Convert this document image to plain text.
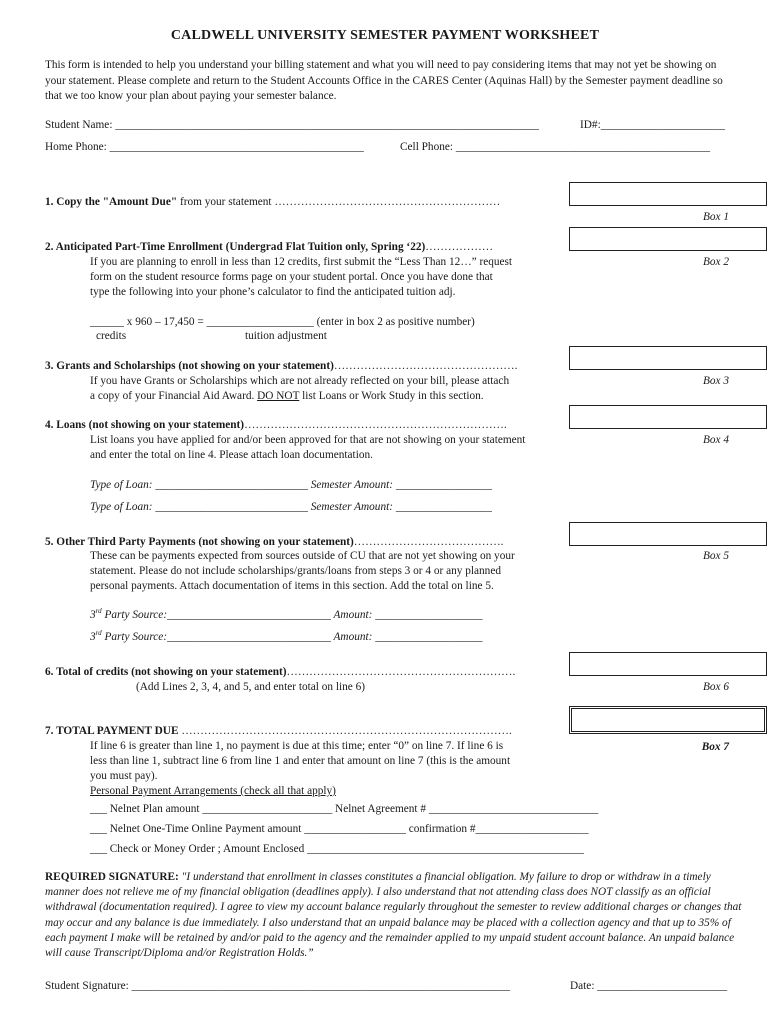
CALDWELL UNIVERSITY SEMESTER PAYMENT WORKSHEET
This form is intended to help you understand your billing statement and what you will need to pay considering items that may not yet be showing on your statement. Please complete and return to the Student Accounts Office in the CARES Center (Aquinas Hall) by the Semester payment deadline so that we too know your plan about paying your semester balance.
Student Name: ___________________________________________________________________________	ID#:______________________
Home Phone: _____________________________________________	Cell Phone: _____________________________________________
1. Copy the "Amount Due" from your statement ……………………………………………………
Box 1
2. Anticipated Part-Time Enrollment (Undergrad Flat Tuition only, Spring ‘22)………………
If you are planning to enroll in less than 12 credits, first submit the “Less Than 12…” request
form on the student resource forms page on your student portal. Once you have done that
type the following into your phone’s calculator to find the anticipated tuition adj.
______ x 960 – 17,450 = ___________________ (enter in box 2 as positive number)
credits	tuition adjustment
Box 2
3. Grants and Scholarships (not showing on your statement)………………………………………….
If you have Grants or Scholarships which are not already reflected on your bill, please attach
a copy of your Financial Aid Award. DO NOT list Loans or Work Study in this section.
Box 3
4. Loans (not showing on your statement)…………………………………………………………….
List loans you have applied for and/or been approved for that are not showing on your statement
and enter the total on line 4. Please attach loan documentation.
Type of Loan: ___________________________ Semester Amount: _________________
Type of Loan: ___________________________ Semester Amount: _________________
Box 4
5. Other Third Party Payments (not showing on your statement)………………………………….
These can be payments expected from sources outside of CU that are not yet showing on your
statement. Please do not include scholarships/grants/loans from steps 3 or 4 or any planned
personal payments. Attach documentation of items in this section. Add the total on line 5.
3rd Party Source:_____________________________ Amount: ___________________
3rd Party Source:_____________________________ Amount: ___________________
Box 5
6. Total of credits (not showing on your statement)…………………………………………………….
(Add Lines 2, 3, 4, and 5, and enter total on line 6)	Box 6
7. TOTAL PAYMENT DUE …………………………………………………………………………….
If line 6 is greater than line 1, no payment is due at this time; enter “0” on line 7. If line 6 is
less than line 1, subtract line 6 from line 1 and enter that amount on line 7 (this is the amount
you must pay).
Personal Payment Arrangements (check all that apply)
___ Nelnet Plan amount _______________________ Nelnet Agreement # ______________________________
___ Nelnet One-Time Online Payment amount __________________ confirmation #____________________
___ Check or Money Order ; Amount Enclosed _________________________________________________
Box 7
REQUIRED SIGNATURE: "I understand that enrollment in classes constitutes a financial obligation. My failure to drop or withdraw in a timely manner does not relieve me of my financial obligation (deadlines apply). I also understand that not attending class does NOT classify as an official withdrawal (documentation required). I agree to view my account balance regularly throughout the semester to review additional charges or changes that may occur and any balance is due immediately. I also understand that an unpaid balance may be placed with a collection agency and that up to 35% of each payment I make will be retained by and/or paid to the agency and the remainder applied to my unpaid student account balance. An unpaid balance will cause Transcript/Diploma and/or Registration Holds.”
Student Signature: ___________________________________________________________________	Date: _______________________
